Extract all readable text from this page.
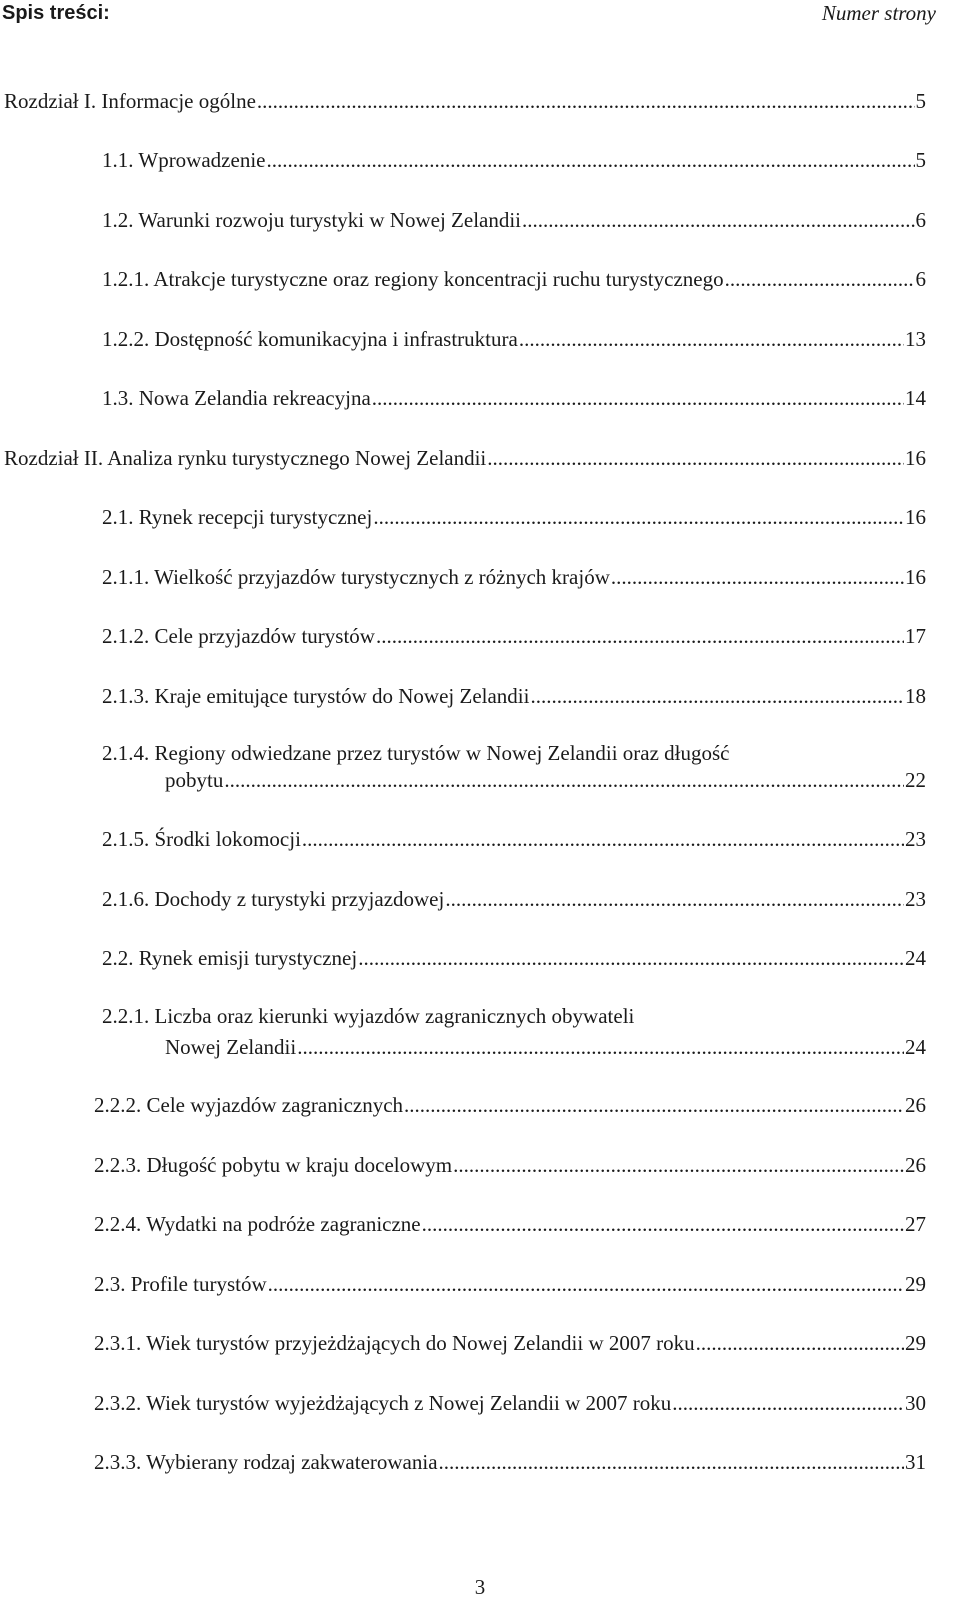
Spis treści:	Numer strony
Rozdział I. Informacje ogólne .....	5
1.1. Wprowadzenie .....	5
1.2. Warunki rozwoju turystyki w Nowej Zelandii .....	6
1.2.1. Atrakcje turystyczne oraz regiony koncentracji ruchu turystycznego .....	6
1.2.2. Dostępność komunikacyjna i infrastruktura .....	13
1.3. Nowa Zelandia rekreacyjna .....	14
Rozdział II. Analiza rynku turystycznego Nowej Zelandii .....	16
2.1. Rynek recepcji turystycznej .....	16
2.1.1. Wielkość przyjazdów turystycznych z różnych krajów .....	16
2.1.2. Cele przyjazdów turystów .....	17
2.1.3. Kraje emitujące turystów do Nowej Zelandii .....	18
2.1.4. Regiony odwiedzane przez turystów w Nowej Zelandii oraz długość
pobytu .....	22
2.1.5. Środki lokomocji .....	23
2.1.6. Dochody z turystyki przyjazdowej .....	23
2.2. Rynek emisji turystycznej .....	24
2.2.1. Liczba oraz kierunki wyjazdów zagranicznych obywateli
Nowej Zelandii .....	24
2.2.2. Cele wyjazdów zagranicznych .....	26
2.2.3. Długość pobytu w kraju docelowym .....	26
2.2.4. Wydatki na podróże zagraniczne .....	27
2.3. Profile turystów .....	29
2.3.1. Wiek turystów przyjeżdżających do Nowej Zelandii w 2007 roku .....	29
2.3.2. Wiek turystów wyjeżdżających z Nowej Zelandii w 2007 roku .....	30
2.3.3. Wybierany rodzaj zakwaterowania .....	31
3
